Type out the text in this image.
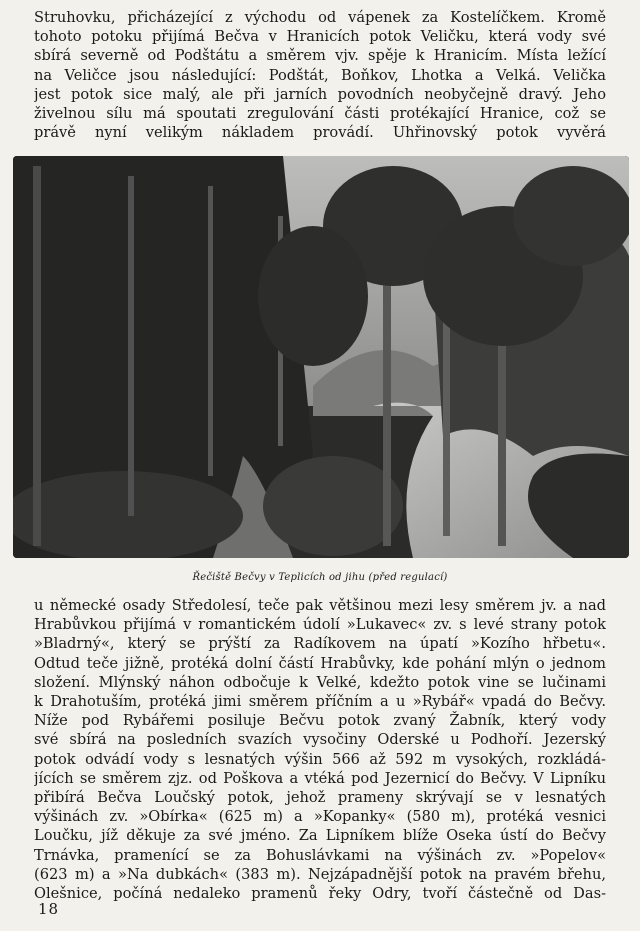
Struhovku, přicházející z východu od vápenek za Kostelíčkem. Kromě
tohoto potoku přijímá Bečva v Hranicích potok Veličku, která vody své
sbírá severně od Podštátu a směrem vjv. spěje k Hranicím. Místa ležící
na Veličce jsou následující: Podštát, Boňkov, Lhotka a Velká. Velička
jest potok sice malý, ale při jarních povodních neobyčejně dravý. Jeho
živelnou sílu má spoutati zregulování části protékající Hranice, což se
právě nyní velikým nákladem provádí. Uhřinovský potok vyvěrá
Řečiště Bečvy v Teplicích od jihu (před regulací)
u německé osady Středolesí, teče pak většinou mezi lesy směrem jv. a nad
Hrabůvkou přijímá v romantickém údolí »Lukavec« zv. s levé strany potok
»Bladrný«, který se prýští za Radíkovem na úpatí »Kozího hřbetu«.
Odtud teče jižně, protéká dolní částí Hrabůvky, kde pohání mlýn o jednom
složení. Mlýnský náhon odbočuje k Velké, kdežto potok vine se lučinami
k Drahotuším, protéká jimi směrem příčním a u »Rybář« vpadá do Bečvy.
Níže pod Rybářemi posiluje Bečvu potok zvaný Žabník, který vody
své sbírá na posledních svazích vysočiny Oderské u Podhoří. Jezerský
potok odvádí vody s lesnatých výšin 566 až 592 m vysokých, rozkládá-
jících se směrem zjz. od Poškova a vtéká pod Jezernicí do Bečvy. V Lipníku
přibírá Bečva Loučský potok, jehož prameny skrývají se v lesnatých
výšinách zv. »Obírka« (625 m) a »Kopanky« (580 m), protéká vesnici
Loučku, jíž děkuje za své jméno. Za Lipníkem blíže Oseka ústí do Bečvy
Trnávka, pramenící se za Bohuslávkami na výšinách zv. »Popelov«
(623 m) a »Na dubkách« (383 m). Nejzápadnější potok na pravém břehu,
Olešnice, počíná nedaleko pramenů řeky Odry, tvoří částečně od Das-
18
